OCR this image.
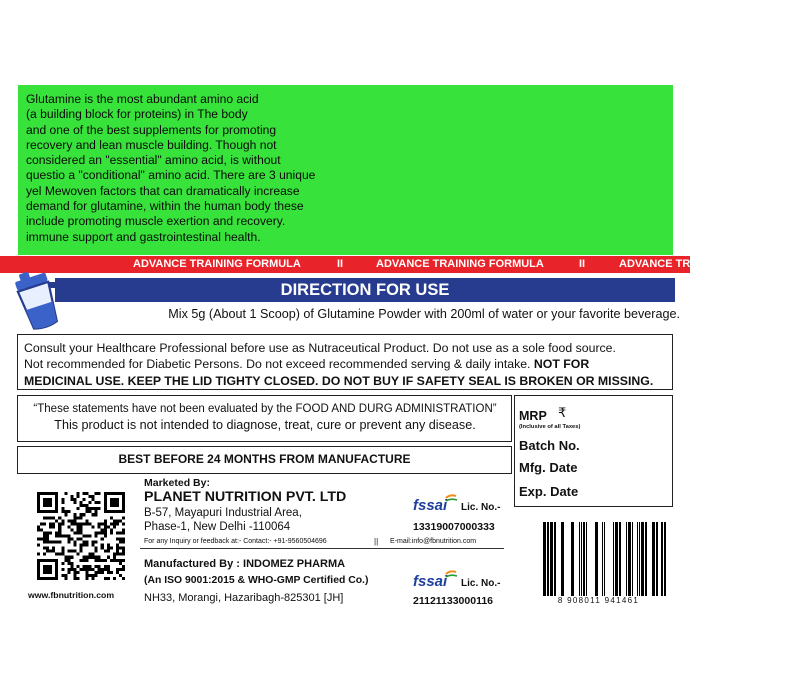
Glutamine is the most abundant amino acid
(a building block for proteins) in The body
and one of the best supplements for promoting
recovery and lean muscle building. Though not
considered an "essential" amino acid, is without
questio a "conditional" amino acid. There are 3 unique
yel Mewoven factors that can dramatically increase
demand for glutamine, within the human body these
include promoting muscle exertion and recovery.
immune support and gastrointestinal health.
ADVANCE TRAINING FORMULA	II	ADVANCE TRAINING FORMULA	II	ADVANCE TRAINING FORMULA
DIRECTION FOR USE
Mix 5g (About 1 Scoop) of Glutamine Powder with 200ml of water or your favorite beverage.
Consult your Healthcare Professional before use as Nutraceutical Product. Do not use as a sole food source.
Not recommended for Diabetic Persons. Do not exceed recommended serving & daily intake. NOT FOR
MEDICINAL USE. KEEP THE LID TIGHTY CLOSED. DO NOT BUY IF SAFETY SEAL IS BROKEN OR MISSING.
“These statements have not been evaluated by the FOOD AND DURG ADMINISTRATION”
This product is not intended to diagnose, treat, cure or prevent any disease.
BEST BEFORE 24 MONTHS FROM MANUFACTURE
MRP ₹
(Inclusive of all Taxes)
Batch No.
Mfg. Date
Exp. Date
www.fbnutrition.com
Marketed By:
PLANET NUTRITION PVT. LTD
B-57, Mayapuri Industrial Area,
Phase-1, New Delhi -110064
For any Inquiry or feedback at:- Contact:- +91-9560504696	|| E-mail:info@fbnutrition.com
fssai Lic. No.-
13319007000333
Manufactured By : INDOMEZ PHARMA
(An ISO 9001:2015 & WHO-GMP Certified Co.)
NH33, Morangi, Hazaribagh-825301 [JH]
fssai Lic. No.-
21121133000116	8 908011 941461
